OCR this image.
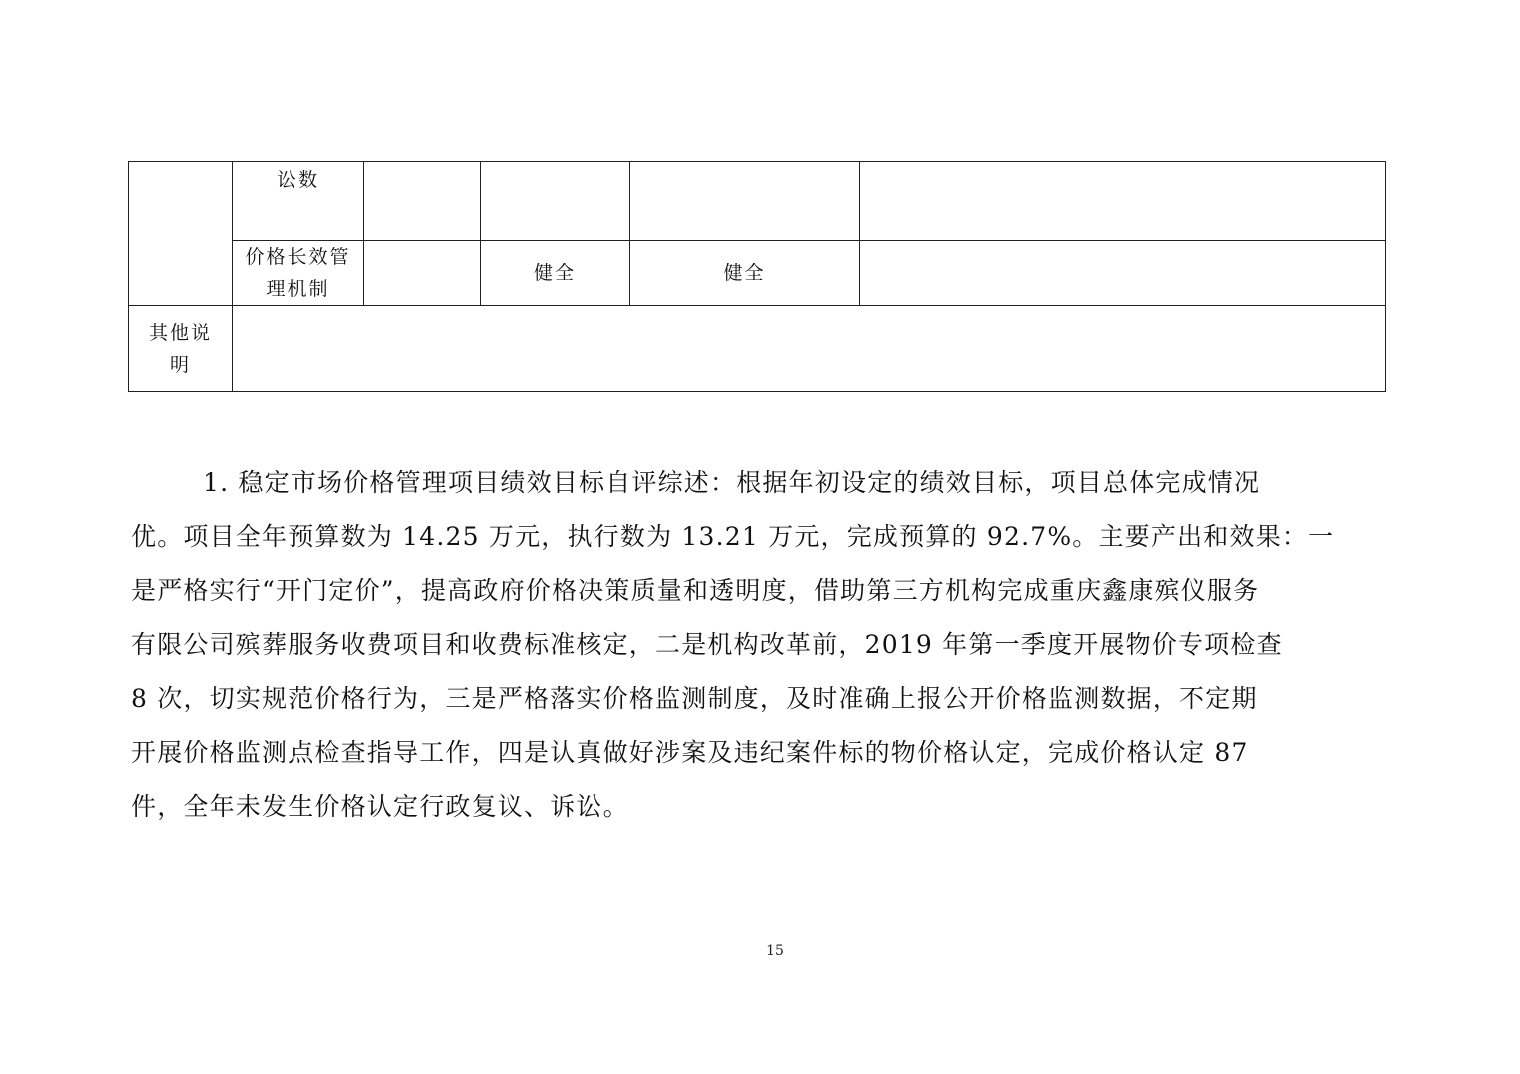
	讼数				

	价格长效管
理机制		健全	健全	

其他说
明					

1. 稳定市场价格管理项目绩效目标自评综述：根据年初设定的绩效目标，项目总体完成情况
优。项目全年预算数为 14.25 万元，执行数为 13.21 万元，完成预算的 92.7%。主要产出和效果：一
是严格实行“开门定价”，提高政府价格决策质量和透明度，借助第三方机构完成重庆鑫康殡仪服务
有限公司殡葬服务收费项目和收费标准核定，二是机构改革前，2019 年第一季度开展物价专项检查
8 次，切实规范价格行为，三是严格落实价格监测制度，及时准确上报公开价格监测数据，不定期
开展价格监测点检查指导工作，四是认真做好涉案及违纪案件标的物价格认定，完成价格认定 87
件，全年未发生价格认定行政复议、诉讼。

15
